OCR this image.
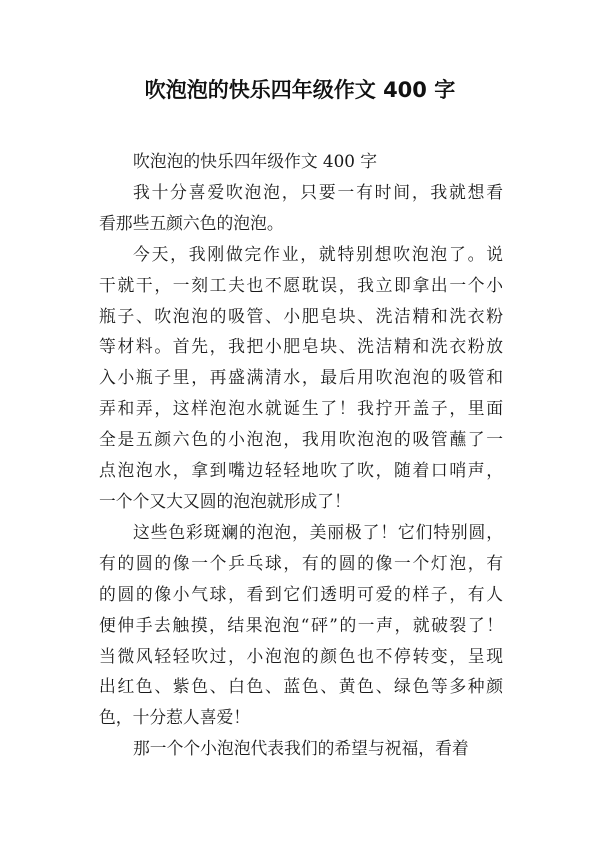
吹泡泡的快乐四年级作文 400 字

吹泡泡的快乐四年级作文 400 字

我十分喜爱吹泡泡，只要一有时间，我就想看
看那些五颜六色的泡泡。

今天，我刚做完作业，就特别想吹泡泡了。说
干就干，一刻工夫也不愿耽误，我立即拿出一个小
瓶子、吹泡泡的吸管、小肥皂块、洗洁精和洗衣粉
等材料。首先，我把小肥皂块、洗洁精和洗衣粉放
入小瓶子里，再盛满清水，最后用吹泡泡的吸管和
弄和弄，这样泡泡水就诞生了！我拧开盖子，里面
全是五颜六色的小泡泡，我用吹泡泡的吸管蘸了一
点泡泡水，拿到嘴边轻轻地吹了吹，随着口哨声，
一个个又大又圆的泡泡就形成了！

这些色彩斑斓的泡泡，美丽极了！它们特别圆，
有的圆的像一个乒乓球，有的圆的像一个灯泡，有
的圆的像小气球，看到它们透明可爱的样子，有人
便伸手去触摸，结果泡泡“砰”的一声，就破裂了！
当微风轻轻吹过，小泡泡的颜色也不停转变，呈现
出红色、紫色、白色、蓝色、黄色、绿色等多种颜
色，十分惹人喜爱！

那一个个小泡泡代表我们的希望与祝福，看着
